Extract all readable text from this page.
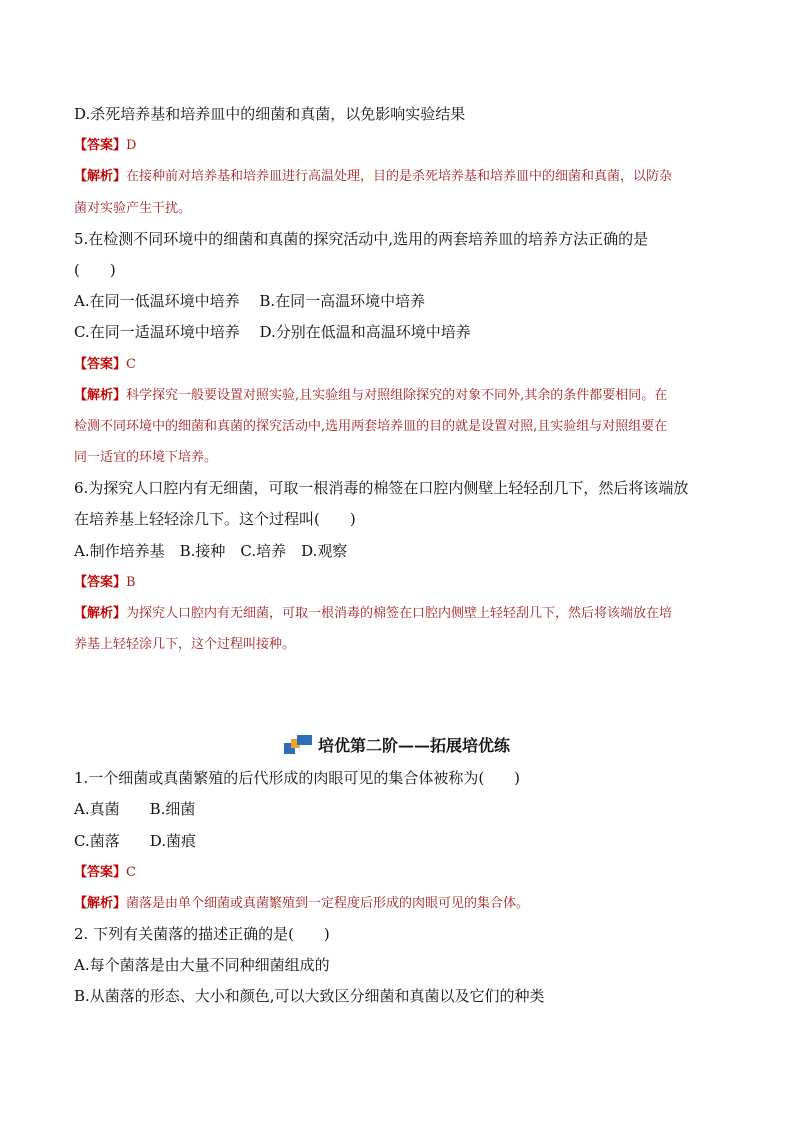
D.杀死培养基和培养皿中的细菌和真菌，以免影响实验结果
【答案】D
【解析】在接种前对培养基和培养皿进行高温处理，目的是杀死培养基和培养皿中的细菌和真菌，以防杂
菌对实验产生干扰。
5.在检测不同环境中的细菌和真菌的探究活动中,选用的两套培养皿的培养方法正确的是
(　　)
A.在同一低温环境中培养　 B.在同一高温环境中培养
C.在同一适温环境中培养　 D.分别在低温和高温环境中培养
【答案】C
【解析】科学探究一般要设置对照实验,且实验组与对照组除探究的对象不同外,其余的条件都要相同。在
检测不同环境中的细菌和真菌的探究活动中,选用两套培养皿的目的就是设置对照,且实验组与对照组要在
同一适宜的环境下培养。
6.为探究人口腔内有无细菌，可取一根消毒的棉签在口腔内侧壁上轻轻刮几下，然后将该端放
在培养基上轻轻涂几下。这个过程叫(　　)
A.制作培养基　B.接种　C.培养　D.观察
【答案】B
【解析】为探究人口腔内有无细菌，可取一根消毒的棉签在口腔内侧壁上轻轻刮几下，然后将该端放在培
养基上轻轻涂几下，这个过程叫接种。
1.一个细菌或真菌繁殖的后代形成的肉眼可见的集合体被称为(　　)
A.真菌　　B.细菌
C.菌落　　D.菌痕
【答案】C
【解析】菌落是由单个细菌或真菌繁殖到一定程度后形成的肉眼可见的集合体。
2. 下列有关菌落的描述正确的是(　　)
A.每个菌落是由大量不同种细菌组成的
B.从菌落的形态、大小和颜色,可以大致区分细菌和真菌以及它们的种类
培优第二阶——拓展培优练
